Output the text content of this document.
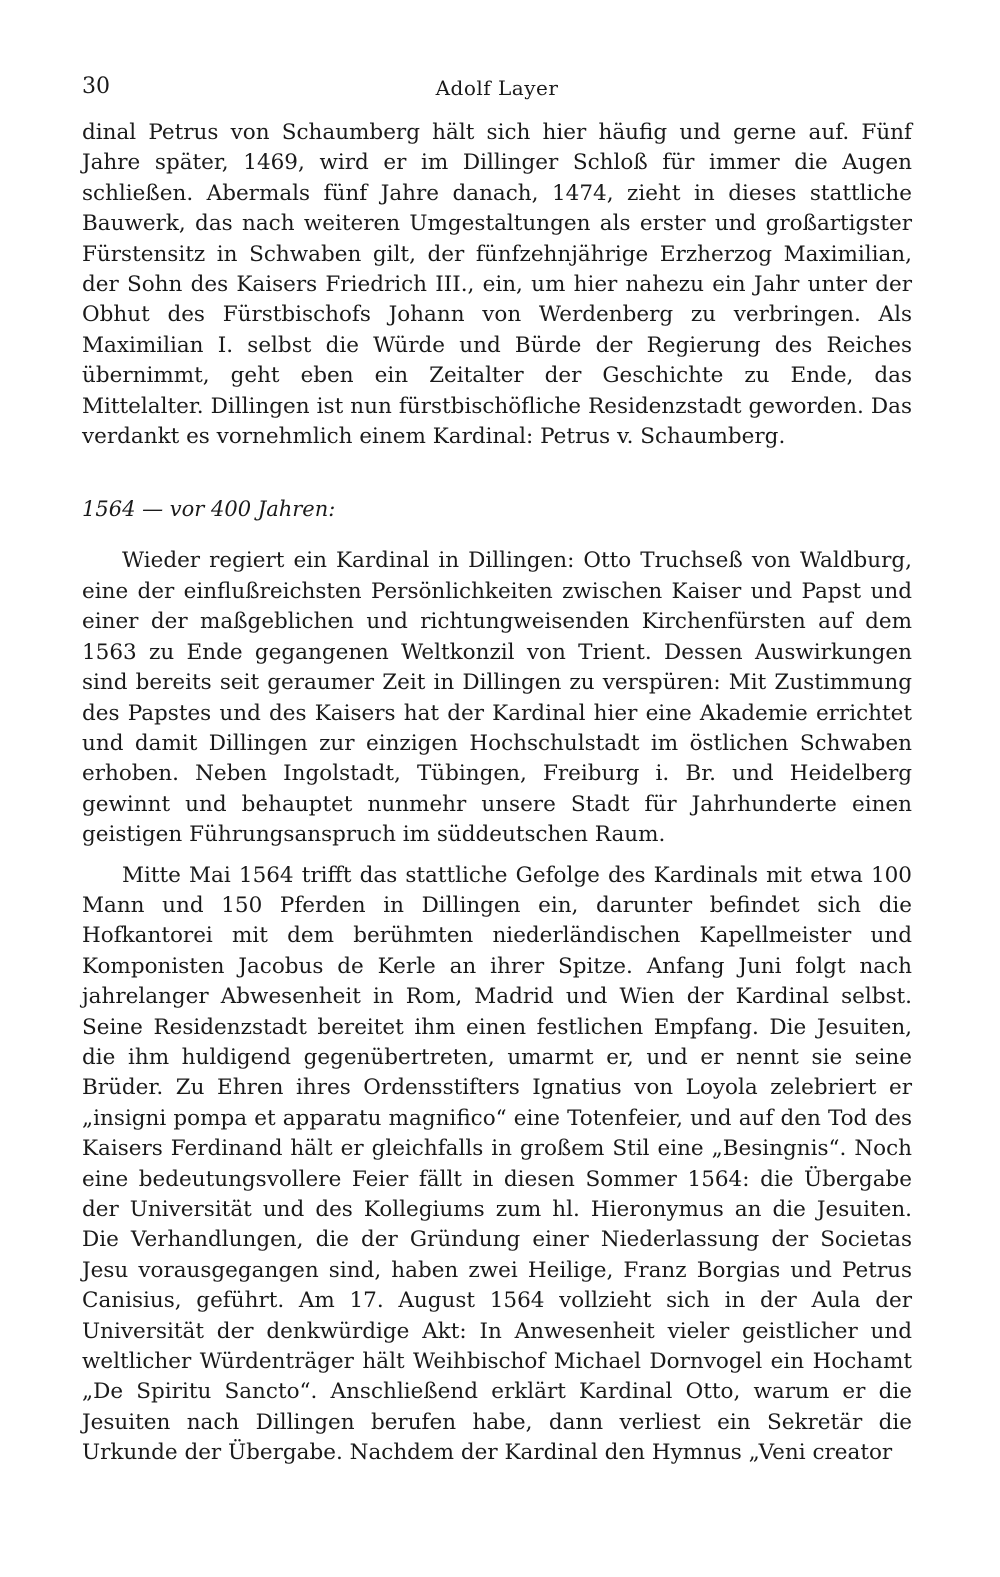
30	Adolf Layer

dinal Petrus von Schaumberg hält sich hier häufig und gerne auf. Fünf Jahre später, 1469, wird er im Dillinger Schloß für immer die Augen schließen. Abermals fünf Jahre danach, 1474, zieht in dieses stattliche Bauwerk, das nach weiteren Umgestaltungen als erster und großartigster Fürstensitz in Schwaben gilt, der fünfzehnjährige Erzherzog Maximilian, der Sohn des Kaisers Friedrich III., ein, um hier nahezu ein Jahr unter der Obhut des Fürstbischofs Johann von Werdenberg zu verbringen. Als Maximilian I. selbst die Würde und Bürde der Regierung des Reiches übernimmt, geht eben ein Zeitalter der Geschichte zu Ende, das Mittelalter. Dillingen ist nun fürstbischöfliche Residenzstadt geworden. Das verdankt es vornehmlich einem Kardinal: Petrus v. Schaumberg.

1564 — vor 400 Jahren:

Wieder regiert ein Kardinal in Dillingen: Otto Truchseß von Waldburg, eine der einflußreichsten Persönlichkeiten zwischen Kaiser und Papst und einer der maßgeblichen und richtungweisenden Kirchenfürsten auf dem 1563 zu Ende gegangenen Weltkonzil von Trient. Dessen Auswirkungen sind bereits seit geraumer Zeit in Dillingen zu verspüren: Mit Zustimmung des Papstes und des Kaisers hat der Kardinal hier eine Akademie errichtet und damit Dillingen zur einzigen Hochschulstadt im östlichen Schwaben erhoben. Neben Ingolstadt, Tübingen, Freiburg i. Br. und Heidelberg gewinnt und behauptet nunmehr unsere Stadt für Jahrhunderte einen geistigen Führungsanspruch im süddeutschen Raum.

Mitte Mai 1564 trifft das stattliche Gefolge des Kardinals mit etwa 100 Mann und 150 Pferden in Dillingen ein, darunter befindet sich die Hofkantorei mit dem berühmten niederländischen Kapellmeister und Komponisten Jacobus de Kerle an ihrer Spitze. Anfang Juni folgt nach jahrelanger Abwesenheit in Rom, Madrid und Wien der Kardinal selbst. Seine Residenzstadt bereitet ihm einen festlichen Empfang. Die Jesuiten, die ihm huldigend gegenübertreten, umarmt er, und er nennt sie seine Brüder. Zu Ehren ihres Ordensstifters Ignatius von Loyola zelebriert er „insigni pompa et apparatu magnifico“ eine Totenfeier, und auf den Tod des Kaisers Ferdinand hält er gleichfalls in großem Stil eine „Besingnis“. Noch eine bedeutungsvollere Feier fällt in diesen Sommer 1564: die Übergabe der Universität und des Kollegiums zum hl. Hieronymus an die Jesuiten. Die Verhandlungen, die der Gründung einer Niederlassung der Societas Jesu vorausgegangen sind, haben zwei Heilige, Franz Borgias und Petrus Canisius, geführt. Am 17. August 1564 vollzieht sich in der Aula der Universität der denkwürdige Akt: In Anwesenheit vieler geistlicher und weltlicher Würdenträger hält Weihbischof Michael Dornvogel ein Hochamt „De Spiritu Sancto“. Anschließend erklärt Kardinal Otto, warum er die Jesuiten nach Dillingen berufen habe, dann verliest ein Sekretär die Urkunde der Übergabe. Nachdem der Kardinal den Hymnus „Veni creator
